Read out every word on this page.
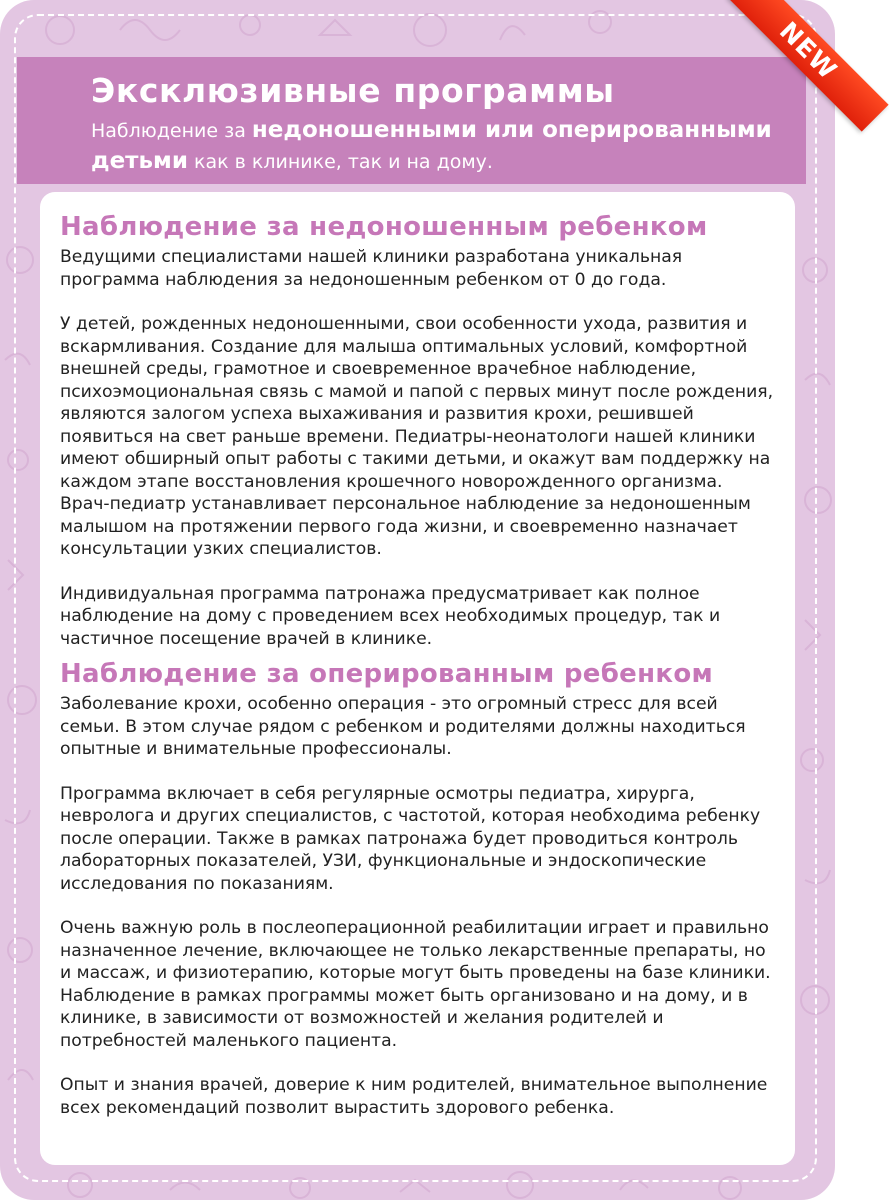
Эксклюзивные программы
Наблюдение за недоношенными или оперированными детьми как в клинике, так и на дому.
NEW
Наблюдение за недоношенным ребенком

Ведущими специалистами нашей клиники разработана уникальная программа наблюдения за недоношенным ребенком от 0 до года.

У детей, рожденных недоношенными, свои особенности ухода, развития и вскармливания. Создание для малыша оптимальных условий, комфортной внешней среды, грамотное и своевременное врачебное наблюдение, психоэмоциональная связь с мамой и папой с первых минут после рождения, являются залогом успеха выхаживания и развития крохи, решившей появиться на свет раньше времени. Педиатры-неонатологи нашей клиники имеют обширный опыт работы с такими детьми, и окажут вам поддержку на каждом этапе восстановления крошечного новорожденного организма. Врач-педиатр устанавливает персональное наблюдение за недоношенным малышом на протяжении первого года жизни, и своевременно назначает консультации узких специалистов.

Индивидуальная программа патронажа предусматривает как полное наблюдение на дому с проведением всех необходимых процедур, так и частичное посещение врачей в клинике.

Наблюдение за оперированным ребенком

Заболевание крохи, особенно операция - это огромный стресс для всей семьи. В этом случае рядом с ребенком и родителями должны находиться опытные и внимательные профессионалы.

Программа включает в себя регулярные осмотры педиатра, хирурга, невролога и других специалистов, с частотой, которая необходима ребенку после операции. Также в рамках патронажа будет проводиться контроль лабораторных показателей, УЗИ, функциональные и эндоскопические исследования по показаниям.

Очень важную роль в послеоперационной реабилитации играет и правильно назначенное лечение, включающее не только лекарственные препараты, но и массаж, и физиотерапию, которые могут быть проведены на базе клиники.

Наблюдение в рамках программы может быть организовано и на дому, и в клинике, в зависимости от возможностей и желания родителей и потребностей маленького пациента.

Опыт и знания врачей, доверие к ним родителей, внимательное выполнение всех рекомендаций позволит вырастить здорового ребенка.
